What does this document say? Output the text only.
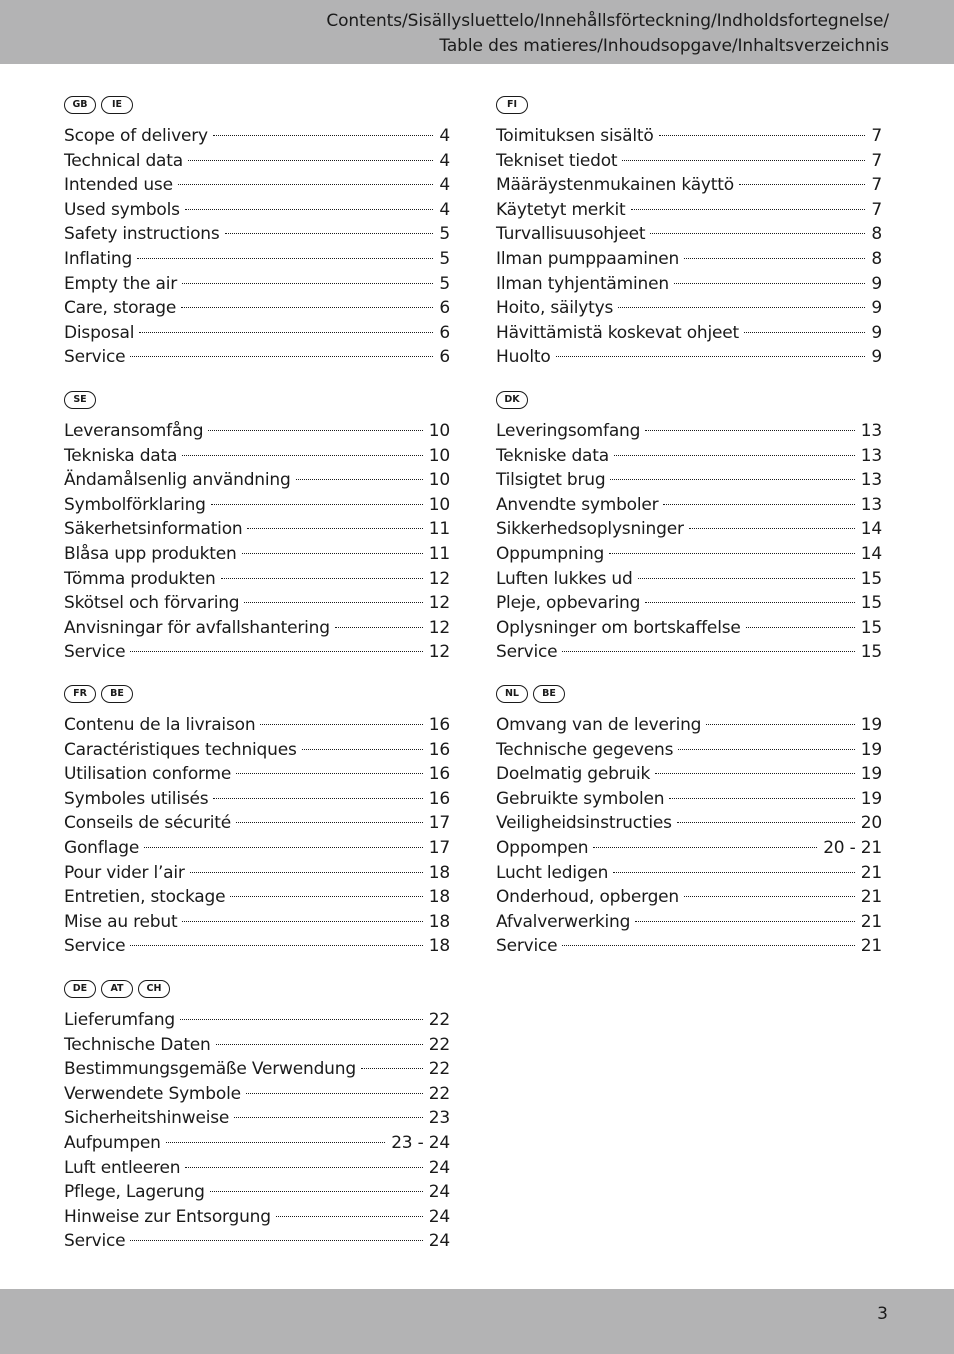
Contents/Sisällysluettelo/Innehållsförteckning/Indholdsfortegnelse/
Table des matieres/Inhoudsopgave/Inhaltsverzeichnis
GB	IE
Scope of delivery	4
Technical data	4
Intended use	4
Used symbols	4
Safety instructions	5
Inflating	5
Empty the air	5
Care, storage	6
Disposal	6
Service	6
FI
Toimituksen sisältö	7
Tekniset tiedot	7
Määräystenmukainen käyttö	7
Käytetyt merkit	7
Turvallisuusohjeet	8
Ilman pumppaaminen	8
Ilman tyhjentäminen	9
Hoito, säilytys	9
Hävittämistä koskevat ohjeet	9
Huolto	9
SE
Leveransomfång	10
Tekniska data	10
Ändamålsenlig användning	10
Symbolförklaring	10
Säkerhetsinformation	11
Blåsa upp produkten	11
Tömma produkten	12
Skötsel och förvaring	12
Anvisningar för avfallshantering	12
Service	12
DK
Leveringsomfang	13
Tekniske data	13
Tilsigtet brug	13
Anvendte symboler	13
Sikkerhedsoplysninger	14
Oppumpning	14
Luften lukkes ud	15
Pleje, opbevaring	15
Oplysninger om bortskaffelse	15
Service	15
FR	BE
Contenu de la livraison	16
Caractéristiques techniques	16
Utilisation conforme	16
Symboles utilisés	16
Conseils de sécurité	17
Gonflage	17
Pour vider l’air	18
Entretien, stockage	18
Mise au rebut	18
Service	18
NL	BE
Omvang van de levering	19
Technische gegevens	19
Doelmatig gebruik	19
Gebruikte symbolen	19
Veiligheidsinstructies	20
Oppompen	20 - 21
Lucht ledigen	21
Onderhoud, opbergen	21
Afvalverwerking	21
Service	21
DE	AT	CH
Lieferumfang	22
Technische Daten	22
Bestimmungsgemäße Verwendung	22
Verwendete Symbole	22
Sicherheitshinweise	23
Aufpumpen	23 - 24
Luft entleeren	24
Pflege, Lagerung	24
Hinweise zur Entsorgung	24
Service	24
3
